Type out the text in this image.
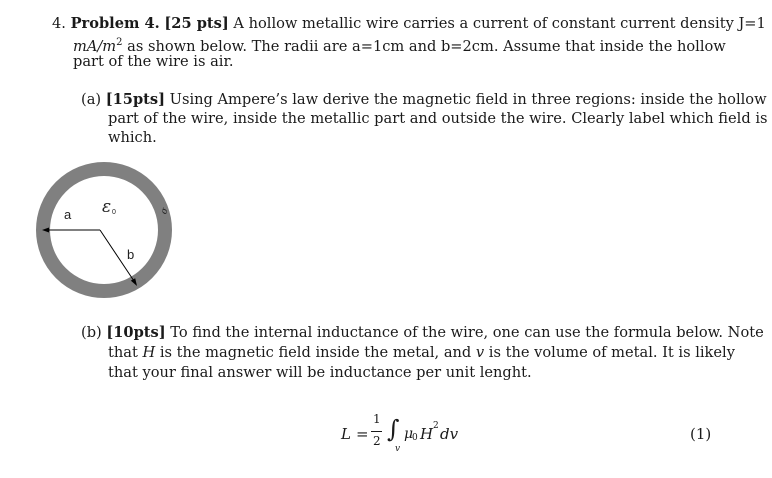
4. Problem 4. [25 pts] A hollow metallic wire carries a current of constant current density J=1
$mA/m^2$ as shown below. The radii are a=1cm and b=2cm. Assume that inside the hollow
part of the wire is air.
(a) [15pts] Using Ampere’s law derive the magnetic field in three regions: inside the hollow
part of the wire, inside the metallic part and outside the wire. Clearly label which field is
which.
a
b
ε 0	σ
(b) [10pts] To find the internal inductance of the wire, one can use the formula below. Note
that H is the magnetic field inside the metal, and v is the volume of metal. It is likely
that your final answer will be inductance per unit lenght.
L =
1
2 ∫
v
μ
0 H 2 dv	(1)
